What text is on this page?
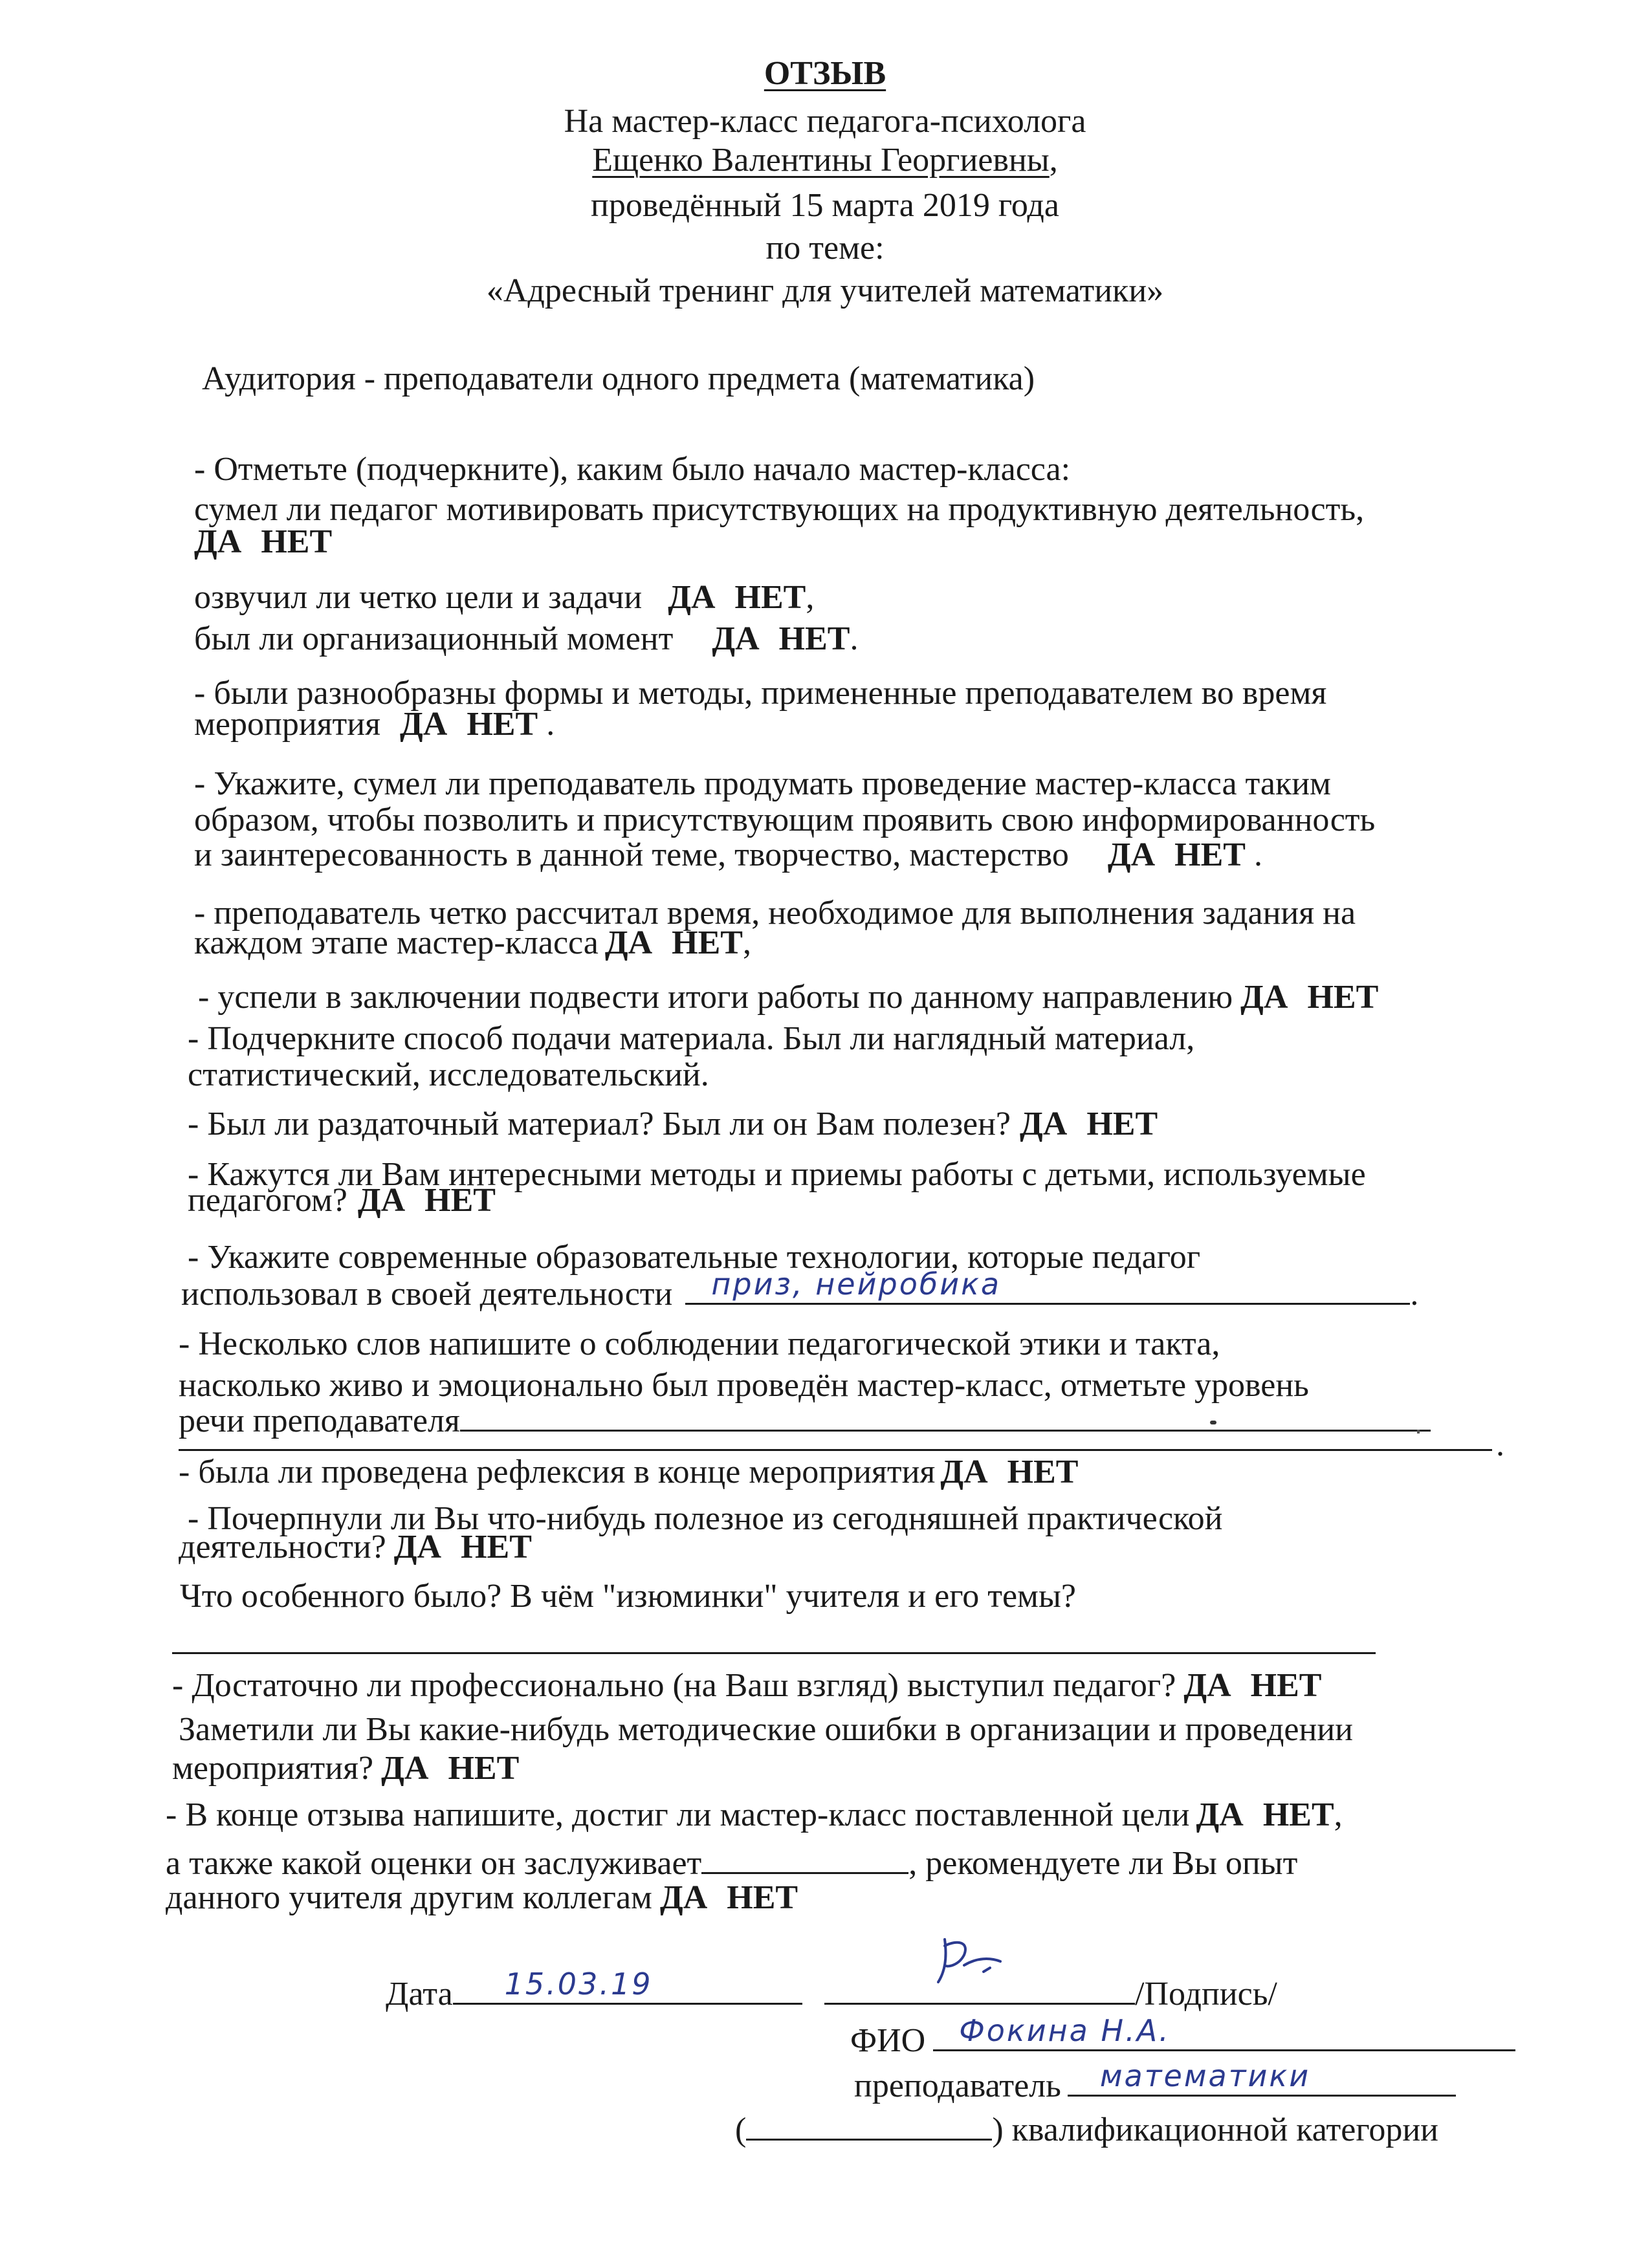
ОТЗЫВ
На мастер-класс педагога-психолога
Ещенко Валентины Георгиевны,
проведённый 15 марта 2019 года
по теме:
«Адресный тренинг для учителей математики»
Аудитория - преподаватели одного предмета (математика)
- Отметьте (подчеркните), каким было начало мастер-класса:
сумел ли педагог мотивировать присутствующих на продуктивную деятельность,
ДА НЕТ
озвучил ли четко цели и задачи ДА НЕТ,
был ли организационный момент ДА НЕТ.
- были разнообразны формы и методы, примененные преподавателем во время
мероприятия ДА НЕТ .
- Укажите, сумел ли преподаватель продумать проведение мастер-класса таким
образом, чтобы позволить и присутствующим проявить свою информированность
и заинтересованность в данной теме, творчество, мастерство ДА НЕТ .
- преподаватель четко рассчитал время, необходимое для выполнения задания на
каждом этапе мастер-класса ДА НЕТ,
- успели в заключении подвести итоги работы по данному направлению ДА НЕТ
- Подчеркните способ подачи материала. Был ли наглядный материал,
статистический, исследовательский.
- Был ли раздаточный материал? Был ли он Вам полезен? ДА НЕТ
- Кажутся ли Вам интересными методы и приемы работы с детьми, используемые
педагогом? ДА НЕТ
- Укажите современные образовательные технологии, которые педагог
использовал в своей деятельности приз, нейробика	.
- Несколько слов напишите о соблюдении педагогической этики и такта,
насколько живо и эмоционально был проведён мастер-класс, отметьте уровень
речи преподавателя
.
- была ли проведена рефлексия в конце мероприятия ДА НЕТ
- Почерпнули ли Вы что-нибудь полезное из сегодняшней практической
деятельности? ДА НЕТ
Что особенного было? В чём "изюминки" учителя и его темы?
- Достаточно ли профессионально (на Ваш взгляд) выступил педагог? ДА НЕТ
Заметили ли Вы какие-нибудь методические ошибки в организации и проведении
мероприятия? ДА НЕТ
- В конце отзыва напишите, достиг ли мастер-класс поставленной цели ДА НЕТ,
а также какой оценки он заслуживает	, рекомендуете ли Вы опыт
данного учителя другим коллегам ДА НЕТ
Дата 15.03.19	/Подпись/
ФИО Фокина Н.А.
преподаватель математики
(	) квалификационной категории
